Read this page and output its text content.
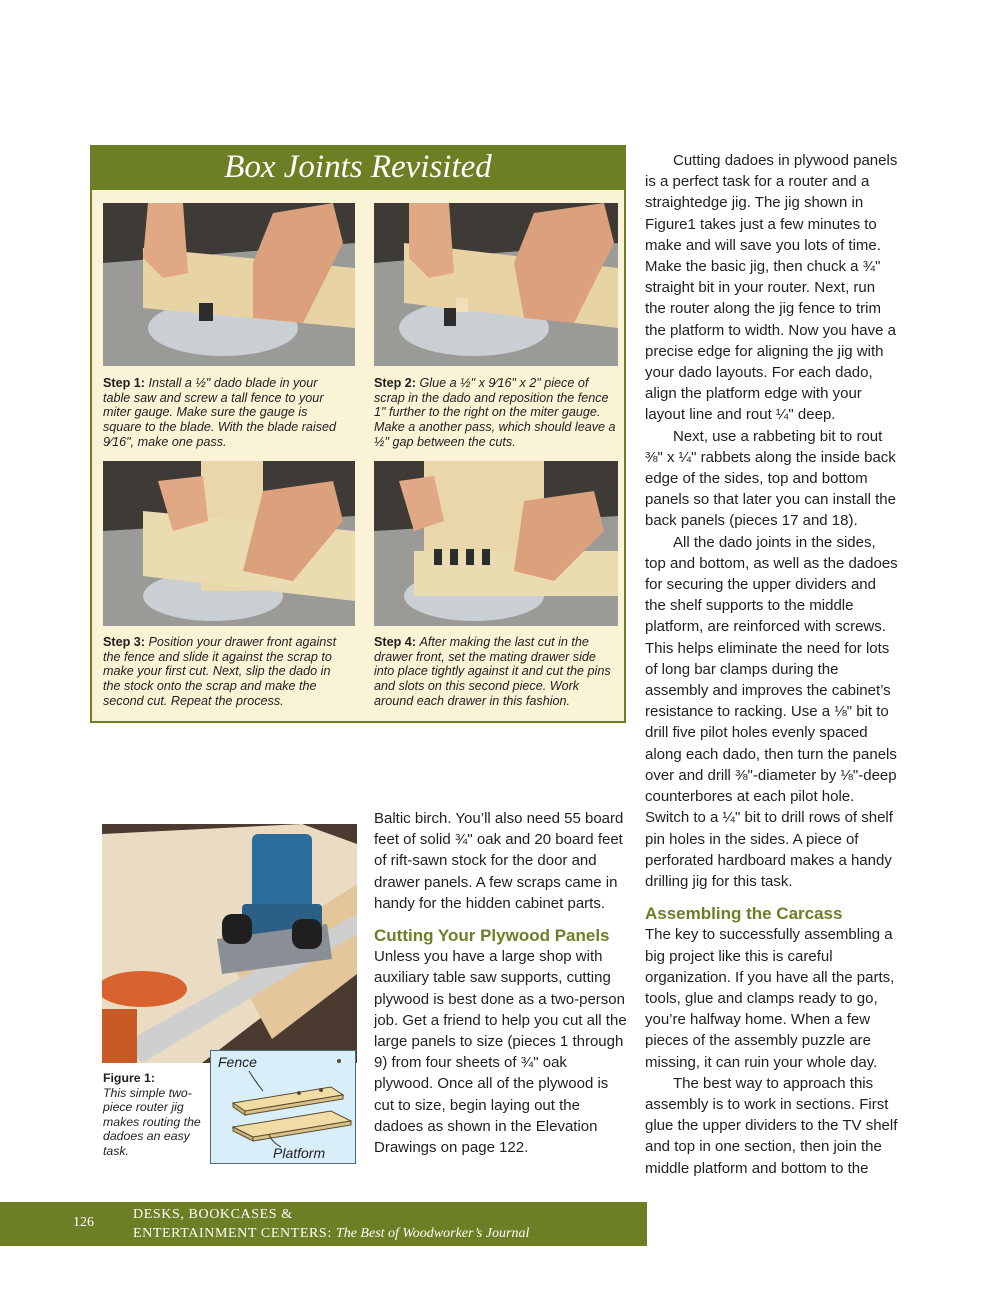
Box Joints Revisited
Step 1: Install a ½" dado blade in your table saw and screw a tall fence to your miter gauge. Make sure the gauge is square to the blade. With the blade raised 9⁄16", make one pass.
Step 2: Glue a ½" x 9⁄16" x 2" piece of scrap in the dado and reposition the fence 1" further to the right on the miter gauge. Make a another pass, which should leave a ½" gap between the cuts.
Step 3: Position your drawer front against the fence and slide it against the scrap to make your first cut. Next, slip the dado in the stock onto the scrap and make the second cut. Repeat the process.
Step 4: After making the last cut in the drawer front, set the mating drawer side into place tightly against it and cut the pins and slots on this second piece. Work around each drawer in this fashion.

Cutting dadoes in plywood panels is a perfect task for a router and a straightedge jig. The jig shown in Figure1 takes just a few minutes to make and will save you lots of time. Make the basic jig, then chuck a ¾" straight bit in your router. Next, run the router along the jig fence to trim the platform to width. Now you have a precise edge for aligning the jig with your dado layouts. For each dado, align the platform edge with your layout line and rout ¼" deep.

Next, use a rabbeting bit to rout ⅜" x ¼" rabbets along the inside back edge of the sides, top and bottom panels so that later you can install the back panels (pieces 17 and 18).

All the dado joints in the sides, top and bottom, as well as the dadoes for securing the upper dividers and the shelf supports to the middle platform, are reinforced with screws. This helps eliminate the need for lots of long bar clamps during the assembly and improves the cabinet’s resistance to racking. Use a ⅛" bit to drill five pilot holes evenly spaced along each dado, then turn the panels over and drill ⅜"-diameter by ⅛"-deep counterbores at each pilot hole. Switch to a ¼" bit to drill rows of shelf pin holes in the sides. A piece of perforated hardboard makes a handy drilling jig for this task.

Assembling the Carcass

The key to successfully assembling a big project like this is careful organization. If you have all the parts, tools, glue and clamps ready to go, you’re halfway home. When a few pieces of the assembly puzzle are missing, it can ruin your whole day.

The best way to approach this assembly is to work in sections. First glue the upper dividers to the TV shelf and top in one section, then join the middle platform and bottom to the

Baltic birch. You’ll also need 55 board feet of solid ¾" oak and 20 board feet of rift-sawn stock for the door and drawer panels. A few scraps came in handy for the hidden cabinet parts.

Cutting Your Plywood Panels

Unless you have a large shop with auxiliary table saw supports, cutting plywood is best done as a two-person job. Get a friend to help you cut all the large panels to size (pieces 1 through 9) from four sheets of ¾" oak plywood. Once all of the plywood is cut to size, begin laying out the dadoes as shown in the Elevation Drawings on page 122.

Fence
Platform
Figure 1:
This simple two-piece router jig makes routing the dadoes an easy task.
126
DESKS, BOOKCASES &
ENTERTAINMENT CENTERS: The Best of Woodworker’s Journal
